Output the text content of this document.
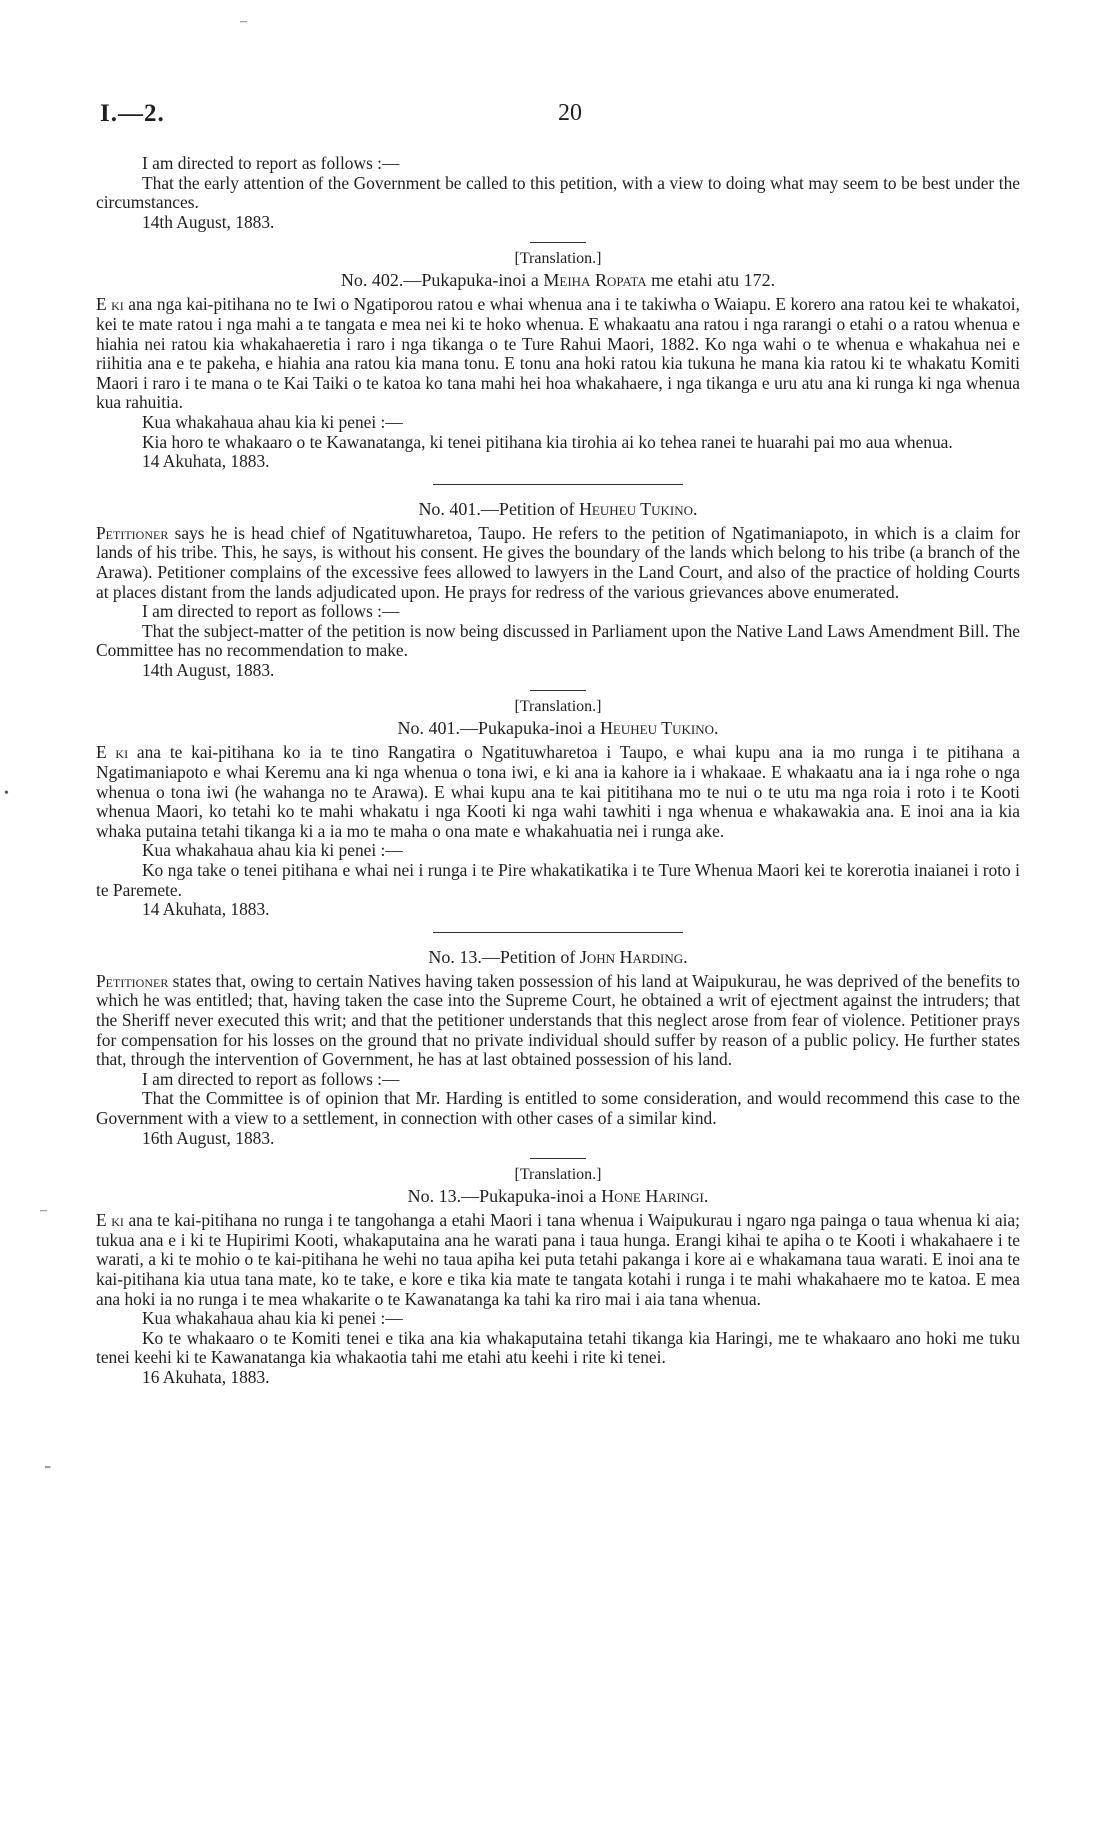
I.—2.	20
–
•
–
⁼

I am directed to report as follows :—

That the early attention of the Government be called to this petition, with a view to doing what may seem to be best under the circumstances.

14th August, 1883.

[Translation.]

No. 402.—Pukapuka-inoi a Meiha Ropata me etahi atu 172.

E ki ana nga kai-pitihana no te Iwi o Ngatiporou ratou e whai whenua ana i te takiwha o Waiapu. E korero ana ratou kei te whakatoi, kei te mate ratou i nga mahi a te tangata e mea nei ki te hoko whenua. E whakaatu ana ratou i nga rarangi o etahi o a ratou whenua e hiahia nei ratou kia whakahaeretia i raro i nga tikanga o te Ture Rahui Maori, 1882. Ko nga wahi o te whenua e whakahua nei e riihitia ana e te pakeha, e hiahia ana ratou kia mana tonu. E tonu ana hoki ratou kia tukuna he mana kia ratou ki te whakatu Komiti Maori i raro i te mana o te Kai Taiki o te katoa ko tana mahi hei hoa whakahaere, i nga tikanga e uru atu ana ki runga ki nga whenua kua rahuitia.

Kua whakahaua ahau kia ki penei :—

Kia horo te whakaaro o te Kawanatanga, ki tenei pitihana kia tirohia ai ko tehea ranei te huarahi pai mo aua whenua.

14 Akuhata, 1883.

No. 401.—Petition of Heuheu Tukino.

Petitioner says he is head chief of Ngatituwharetoa, Taupo. He refers to the petition of Ngatimaniapoto, in which is a claim for lands of his tribe. This, he says, is without his consent. He gives the boundary of the lands which belong to his tribe (a branch of the Arawa). Petitioner complains of the excessive fees allowed to lawyers in the Land Court, and also of the practice of holding Courts at places distant from the lands adjudicated upon. He prays for redress of the various grievances above enumerated.

I am directed to report as follows :—

That the subject-matter of the petition is now being discussed in Parliament upon the Native Land Laws Amendment Bill. The Committee has no recommendation to make.

14th August, 1883.

[Translation.]

No. 401.—Pukapuka-inoi a Heuheu Tukino.

E ki ana te kai-pitihana ko ia te tino Rangatira o Ngatituwharetoa i Taupo, e whai kupu ana ia mo runga i te pitihana a Ngatimaniapoto e whai Keremu ana ki nga whenua o tona iwi, e ki ana ia kahore ia i whakaae. E whakaatu ana ia i nga rohe o nga whenua o tona iwi (he wahanga no te Arawa). E whai kupu ana te kai pititihana mo te nui o te utu ma nga roia i roto i te Kooti whenua Maori, ko tetahi ko te mahi whakatu i nga Kooti ki nga wahi tawhiti i nga whenua e whakawakia ana. E inoi ana ia kia whaka putaina tetahi tikanga ki a ia mo te maha o ona mate e whakahuatia nei i runga ake.

Kua whakahaua ahau kia ki penei :—

Ko nga take o tenei pitihana e whai nei i runga i te Pire whakatikatika i te Ture Whenua Maori kei te korerotia inaianei i roto i te Paremete.

14 Akuhata, 1883.

No. 13.—Petition of John Harding.

Petitioner states that, owing to certain Natives having taken possession of his land at Waipukurau, he was deprived of the benefits to which he was entitled; that, having taken the case into the Supreme Court, he obtained a writ of ejectment against the intruders; that the Sheriff never executed this writ; and that the petitioner understands that this neglect arose from fear of violence. Petitioner prays for compensation for his losses on the ground that no private individual should suffer by reason of a public policy. He further states that, through the intervention of Government, he has at last obtained possession of his land.

I am directed to report as follows :—

That the Committee is of opinion that Mr. Harding is entitled to some consideration, and would recommend this case to the Government with a view to a settlement, in connection with other cases of a similar kind.

16th August, 1883.

[Translation.]

No. 13.—Pukapuka-inoi a Hone Haringi.

E ki ana te kai-pitihana no runga i te tangohanga a etahi Maori i tana whenua i Waipukurau i ngaro nga painga o taua whenua ki aia; tukua ana e i ki te Hupirimi Kooti, whakaputaina ana he warati pana i taua hunga. Erangi kihai te apiha o te Kooti i whakahaere i te warati, a ki te mohio o te kai-pitihana he wehi no taua apiha kei puta tetahi pakanga i kore ai e whakamana taua warati. E inoi ana te kai-pitihana kia utua tana mate, ko te take, e kore e tika kia mate te tangata kotahi i runga i te mahi whakahaere mo te katoa. E mea ana hoki ia no runga i te mea whakarite o te Kawanatanga ka tahi ka riro mai i aia tana whenua.

Kua whakahaua ahau kia ki penei :—

Ko te whakaaro o te Komiti tenei e tika ana kia whakaputaina tetahi tikanga kia Haringi, me te whakaaro ano hoki me tuku tenei keehi ki te Kawanatanga kia whakaotia tahi me etahi atu keehi i rite ki tenei.

16 Akuhata, 1883.
